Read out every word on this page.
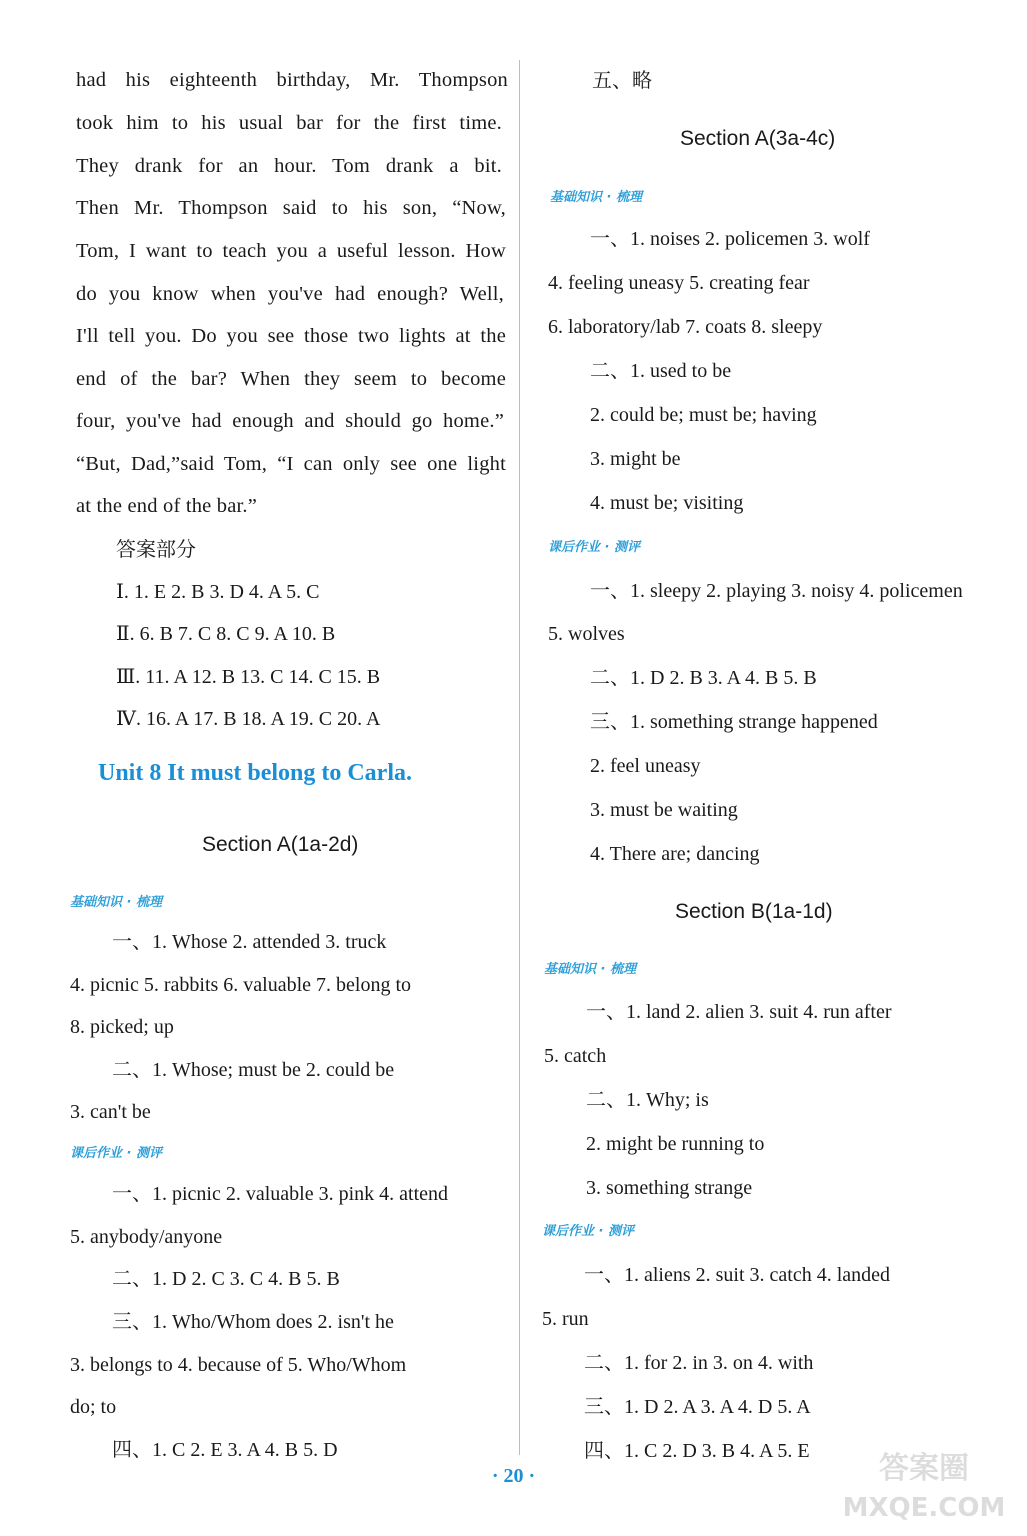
had his eighteenth birthday, Mr. Thompson
took him to his usual bar for the first time.
They drank for an hour. Tom drank a bit.
Then Mr. Thompson said to his son, “Now,
Tom, I want to teach you a useful lesson. How
do you know when you've had enough? Well,
I'll tell you. Do you see those two lights at the
end of the bar? When they seem to become
four, you've had enough and should go home.”
“But, Dad,”said Tom, “I can only see one light
at the end of the bar.”
答案部分
Ⅰ. 1. E 2. B 3. D 4. A 5. C
Ⅱ. 6. B 7. C 8. C 9. A 10. B
Ⅲ. 11. A 12. B 13. C 14. C 15. B
Ⅳ. 16. A 17. B 18. A 19. C 20. A
Unit 8 It must belong to Carla.
Section A(1a-2d)
基础知识 · 梳理
一、1. Whose 2. attended 3. truck
4. picnic 5. rabbits 6. valuable 7. belong to
8. picked; up
二、1. Whose; must be 2. could be
3. can't be
课后作业 · 测评
一、1. picnic 2. valuable 3. pink 4. attend
5. anybody/anyone
二、1. D 2. C 3. C 4. B 5. B
三、1. Who/Whom does 2. isn't he
3. belongs to 4. because of 5. Who/Whom
do; to
四、1. C 2. E 3. A 4. B 5. D
五、略
Section A(3a-4c)
基础知识 · 梳理
一、1. noises 2. policemen 3. wolf
4. feeling uneasy 5. creating fear
6. laboratory/lab 7. coats 8. sleepy
二、1. used to be
2. could be; must be; having
3. might be
4. must be; visiting
课后作业 · 测评
一、1. sleepy 2. playing 3. noisy 4. policemen
5. wolves
二、1. D 2. B 3. A 4. B 5. B
三、1. something strange happened
2. feel uneasy
3. must be waiting
4. There are; dancing
Section B(1a-1d)
基础知识 · 梳理
一、1. land 2. alien 3. suit 4. run after
5. catch
二、1. Why; is
2. might be running to
3. something strange
课后作业 · 测评
一、1. aliens 2. suit 3. catch 4. landed
5. run
二、1. for 2. in 3. on 4. with
三、1. D 2. A 3. A 4. D 5. A
四、1. C 2. D 3. B 4. A 5. E
· 20 ·	答案圈
MXQE.COM
